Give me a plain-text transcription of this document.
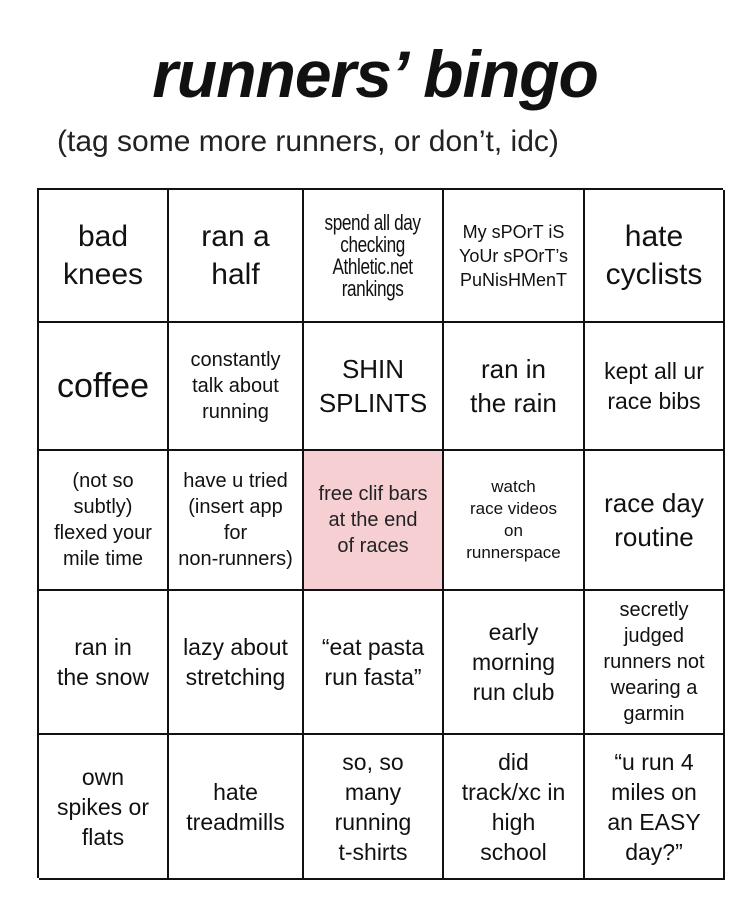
runners’ bingo
(tag some more runners, or don’t, idc)
bad
knees
ran a
half
spend all day
checking
Athletic.net
rankings
My sPOrT iS
YoUr sPOrT’s
PuNisHMenT
hate
cyclists
coffee
constantly
talk about
running
SHIN
SPLINTS
ran in
the rain
kept all ur
race bibs

(not so
subtly)
flexed your
mile time
have u tried
(insert app
for
non-runners)
free clif bars
at the end
of races

watch
race videos
on
runnerspace
race day
routine

ran in
the snow
lazy about
stretching
“eat pasta
run fasta”
early
morning
run club
secretly
judged
runners not
wearing a
garmin
own
spikes or
flats
hate
treadmills
so, so
many
running
t-shirts
did
track/xc in
high
school
“u run 4
miles on
an EASY
day?”
